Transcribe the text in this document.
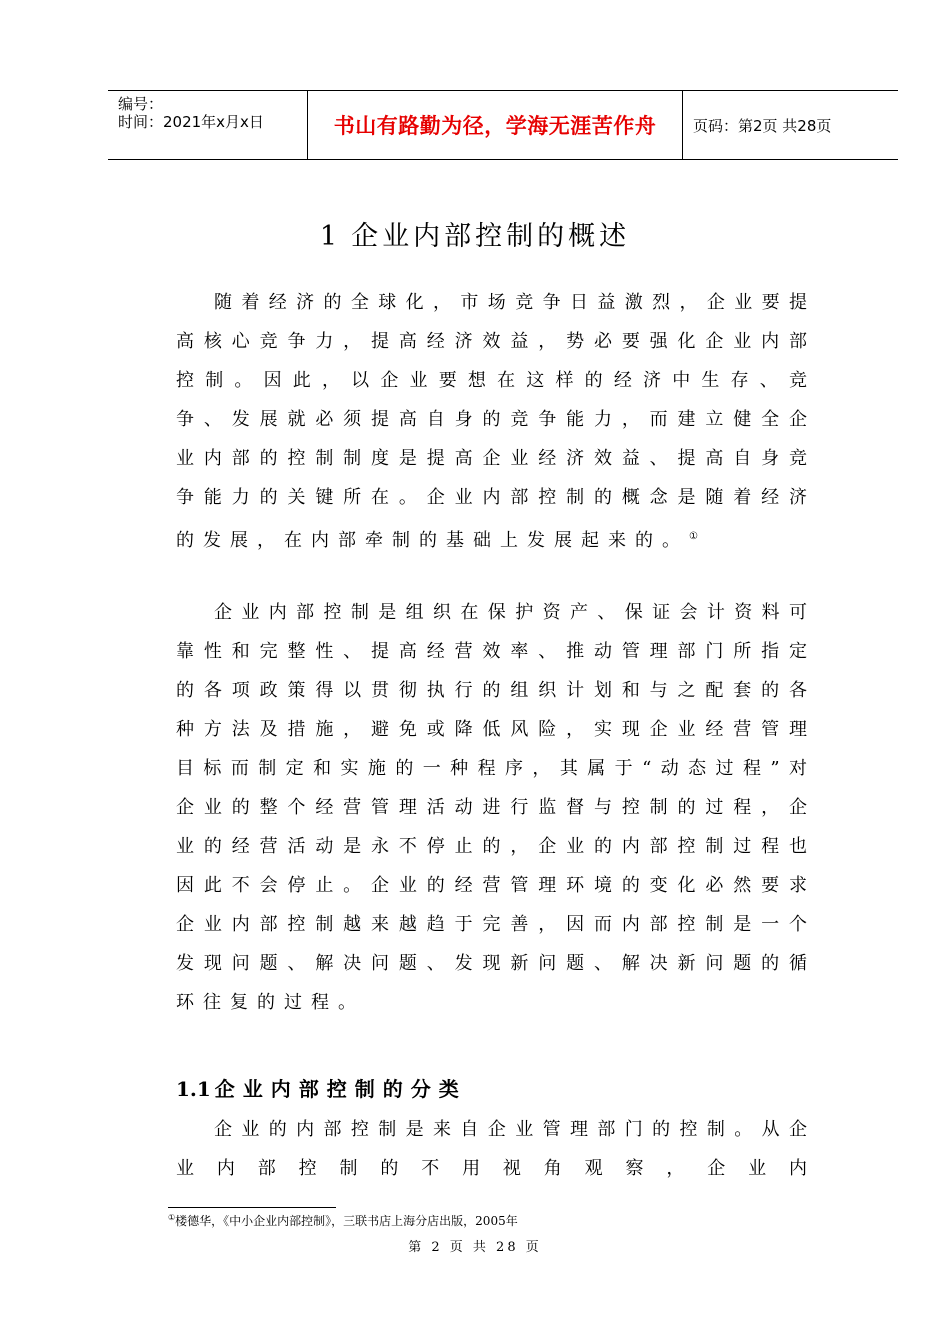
编号：
时间：2021年x月x日	书山有路勤为径，学海无涯苦作舟	页码：第2页 共28页
1 企业内部控制的概述
随着经济的全球化，市场竞争日益激烈，企业要提高核心竞争力，提高经济效益，势必要强化企业内部控制。因此，以企业要想在这样的经济中生存、竞争、发展就必须提高自身的竞争能力，而建立健全企业内部的控制制度是提高企业经济效益、提高自身竞争能力的关键所在。企业内部控制的概念是随着经济的发展，在内部牵制的基础上发展起来的。①
企业内部控制是组织在保护资产、保证会计资料可靠性和完整性、提高经营效率、推动管理部门所指定的各项政策得以贯彻执行的组织计划和与之配套的各种方法及措施，避免或降低风险，实现企业经营管理目标而制定和实施的一种程序，其属于“动态过程”对企业的整个经营管理活动进行监督与控制的过程，企业的经营活动是永不停止的，企业的内部控制过程也因此不会停止。企业的经营管理环境的变化必然要求企业内部控制越来越趋于完善，因而内部控制是一个发现问题、解决问题、发现新问题、解决新问题的循环往复的过程。
1.1 企业内部控制的分类
企业的内部控制是来自企业管理部门的控制。从企业内部控制的不用视角观察，企业内
①楼德华，《中小企业内部控制》，三联书店上海分店出版，2005年
第 2 页 共 28 页
